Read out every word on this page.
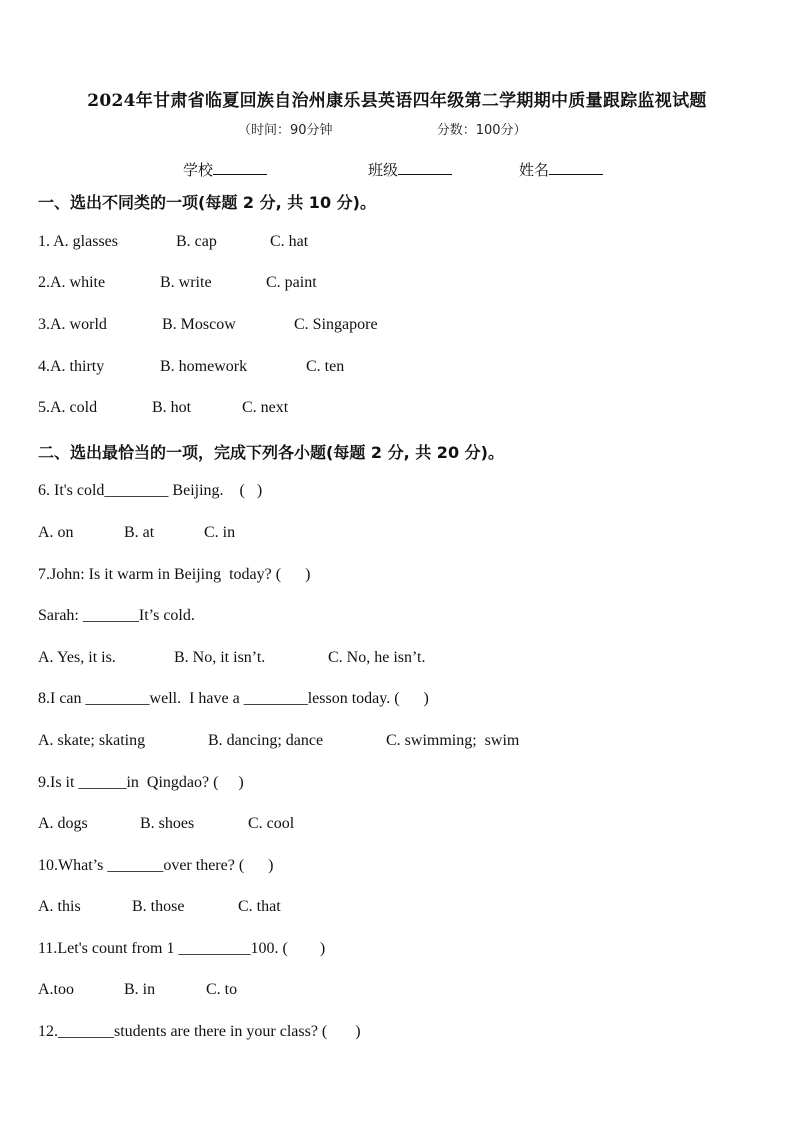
2024年甘肃省临夏回族自治州康乐县英语四年级第二学期期中质量跟踪监视试题
（时间：90分钟	分数：100分）
学校	班级	姓名
一、选出不同类的一项(每题 2 分, 共 10 分)。

1. A. glasses

	B. cap

	C. hat

2.A. white

	B. write

	C. paint

3.A. world

	B. Moscow

	C. Singapore

4.A. thirty

	B. homework

	C. ten

5.A. cold

	B. hot

	C. next

二、选出最恰当的一项，完成下列各小题(每题 2 分, 共 20 分)。
6. It's cold________ Beijing.    (   )

A. on

	B. at

	C. in

7.John: Is it warm in Beijing  today? (      )
Sarah: _______It’s cold.

A. Yes, it is.

	B. No, it isn’t.

	C. No, he isn’t.

8.I can ________well.  I have a ________lesson today. (      )

A. skate; skating

	B. dancing; dance

	C. swimming;  swim

9.Is it ______in  Qingdao? (     )

A. dogs

	B. shoes

	C. cool

10.What’s _______over there? (      )

A. this

	B. those

	C. that

11.Let's count from 1 _________100. (        )

A.too

	B. in

	C. to

12._______students are there in your class? (       )
